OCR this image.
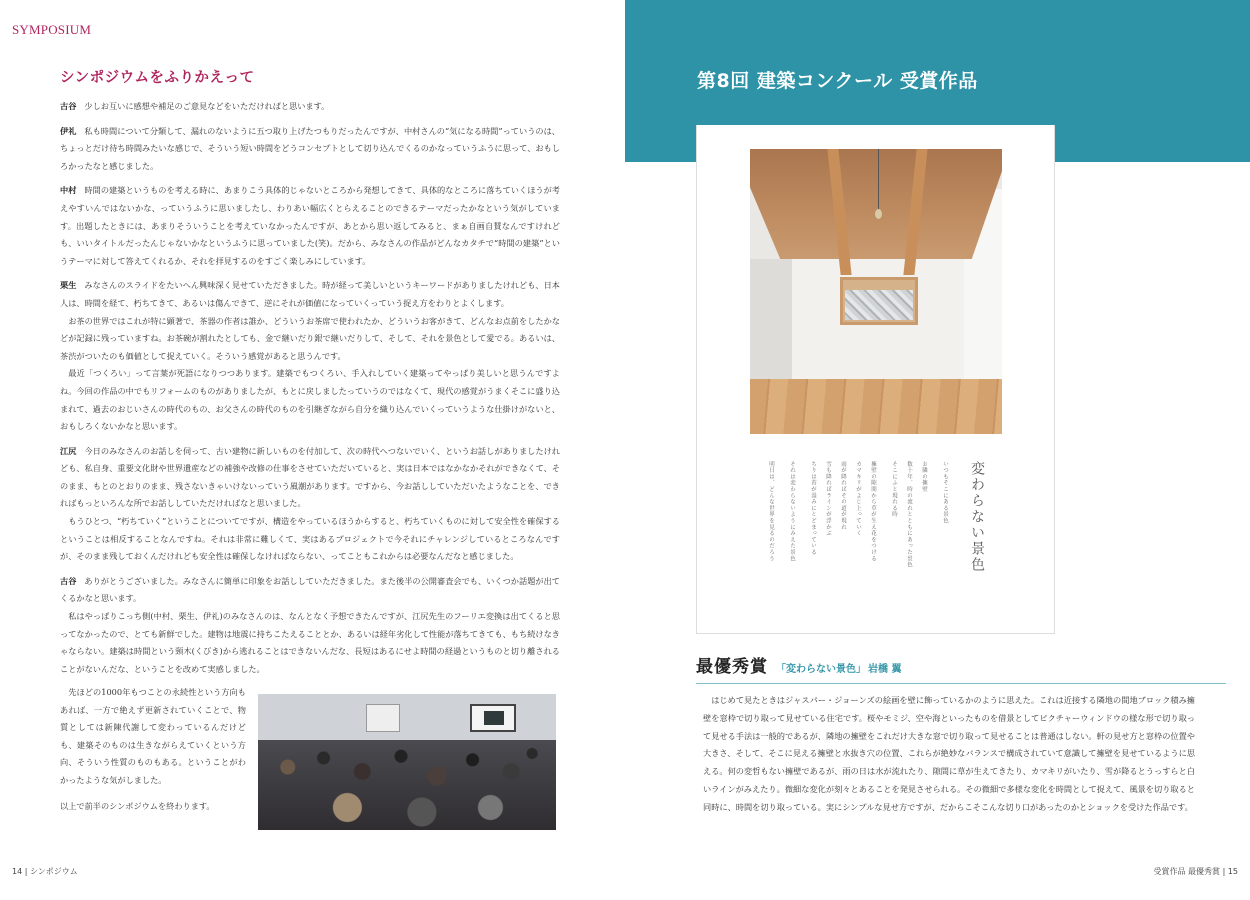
SYMPOSIUM
シンポジウムをふりかえって

古谷 少しお互いに感想や補足のご意見などをいただければと思います。

伊礼 私も時間について分類して、漏れのないように五つ取り上げたつもりだったんですが、中村さんの“気になる時間”っていうのは、ちょっとだけ待ち時間みたいな感じで、そういう短い時間をどうコンセプトとして切り込んでくるのかなっていうふうに思って、おもしろかったなと感じました。

中村 時間の建築というものを考える時に、あまりこう具体的じゃないところから発想してきて、具体的なところに落ちていくほうが考えやすいんではないかな、っていうふうに思いましたし、わりあい幅広くとらえることのできるテーマだったかなという気がしています。出題したときには、あまりそういうことを考えていなかったんですが、あとから思い返してみると、まぁ自画自賛なんですけれども、いいタイトルだったんじゃないかなというふうに思っていました(笑)。だから、みなさんの作品がどんなカタチで“時間の建築”というテーマに対して答えてくれるか、それを拝見するのをすごく楽しみにしています。

栗生 みなさんのスライドをたいへん興味深く見せていただきました。時が経って美しいというキーワードがありましたけれども、日本人は、時間を経て、朽ちてきて、あるいは傷んできて、逆にそれが価値になっていくっていう捉え方をわりとよくします。

お茶の世界ではこれが特に顕著で、茶器の作者は誰か、どういうお茶席で使われたか、どういうお客がきて、どんなお点前をしたかなどが記録に残っていますね。お茶碗が割れたとしても、金で継いだり銀で継いだりして、そして、それを景色として愛でる。あるいは、茶渋がついたのも価値として捉えていく。そういう感覚があると思うんです。

最近「つくろい」って言葉が死語になりつつあります。建築でもつくろい、手入れしていく建築ってやっぱり美しいと思うんですよね。今回の作品の中でもリフォームのものがありましたが、もとに戻しましたっていうのではなくて、現代の感覚がうまくそこに盛り込まれて、過去のおじいさんの時代のもの、お父さんの時代のものを引継ぎながら自分を織り込んでいくっていうような仕掛けがないと、おもしろくないかなと思います。

江尻 今日のみなさんのお話しを伺って、古い建物に新しいものを付加して、次の時代へつないでいく、というお話しがありましたけれども、私自身、重要文化財や世界遺産などの補強や改修の仕事をさせていただいていると、実は日本ではなかなかそれができなくて、そのまま、もとのとおりのまま、残さないきゃいけないっていう風潮があります。ですから、今お話ししていただいたようなことを、できればもっといろんな所でお話ししていただければなと思いました。

もうひとつ、“朽ちていく”ということについてですが、構造をやっているほうからすると、朽ちていくものに対して安全性を確保するということは相反することなんですね。それは非常に難しくて、実はあるプロジェクトで今それにチャレンジしているところなんですが、そのまま残しておくんだけれども安全性は確保しなければならない、ってこともこれからは必要なんだなと感じました。

古谷 ありがとうございました。みなさんに簡単に印象をお話ししていただきました。また後半の公開審査会でも、いくつか話題が出てくるかなと思います。

私はやっぱりこっち側(中村、栗生、伊礼)のみなさんのは、なんとなく予想できたんですが、江尻先生のフーリエ変換は出てくると思ってなかったので、とても新鮮でした。建物は地震に持ちこたえることとか、あるいは経年劣化して性能が落ちてきても、もち続けなきゃならない。建築は時間という頸木(くびき)から逃れることはできないんだな、長短はあるにせよ時間の経過というものと切り離されることがないんだな、ということを改めて実感しました。

先ほどの1000年もつことの永続性という方向もあれば、一方で絶えず更新されていくことで、物質としては新陳代謝して変わっているんだけども、建築そのものは生きながらえていくという方向、そういう性質のものもある。ということがわかったような気がしました。

以上で前半のシンポジウムを終わります。

14 | シンポジウム
第8回 建築コンクール 受賞作品
変わらない景色
いつもそこにある景色
お隣の擁壁
数十年、時の流れとともにあった景色
そこにふと現れる時
擁壁の隙間から草が生え花をつける
カマキリがよじ上っていく
雨が降ればその道が現れ
雪も降ればラインが浮かぶ
ちりは苔が湿みにとどまっている
それは変わらないようにみえた景色
明日は、どんな世界を見るのだろう
最優秀賞 「変わらない景色」 岩橋 翼

はじめて見たときはジャスパー・ジョーンズの絵画を壁に飾っているかのように思えた。これは近接する隣地の間地ブロック積み擁壁を窓枠で切り取って見せている住宅です。桜やモミジ、空や海といったものを借景としてピクチャーウィンドウの様な形で切り取って見せる手法は一般的であるが、隣地の擁壁をこれだけ大きな窓で切り取って見せることは普通はしない。軒の見せ方と窓枠の位置や大きさ、そして、そこに見える擁壁と水抜き穴の位置、これらが絶妙なバランスで構成されていて意識して擁壁を見せているように思える。何の変哲もない擁壁であるが、雨の日は水が流れたり、隙間に草が生えてきたり、カマキリがいたり、雪が降るとうっすらと白いラインがみえたり。微細な変化が刻々とあることを発見させられる。その微細で多様な変化を時間として捉えて、風景を切り取ると同時に、時間を切り取っている。実にシンプルな見せ方ですが、だからこそこんな切り口があったのかとショックを受けた作品です。

受賞作品 最優秀賞 | 15
